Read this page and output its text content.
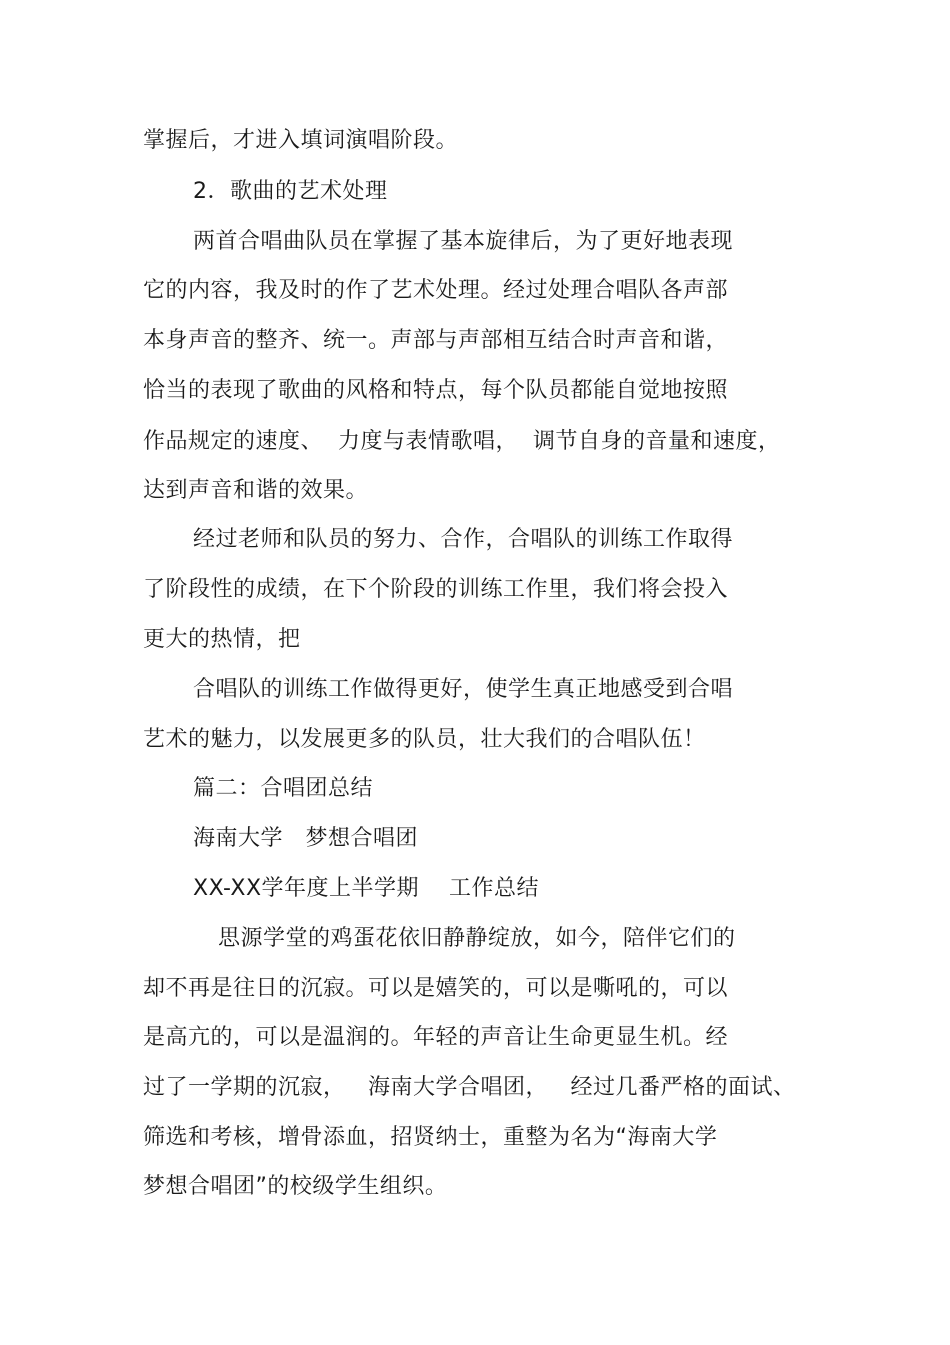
掌握后，才进入填词演唱阶段。
2．歌曲的艺术处理
两首合唱曲队员在掌握了基本旋律后，为了更好地表现
它的内容，我及时的作了艺术处理。经过处理合唱队各声部
本身声音的整齐、统一。声部与声部相互结合时声音和谐，
恰当的表现了歌曲的风格和特点，每个队员都能自觉地按照
作品规定的速度、  力度与表情歌唱，  调节自身的音量和速度，
达到声音和谐的效果。
经过老师和队员的努力、合作，合唱队的训练工作取得
了阶段性的成绩，在下个阶段的训练工作里，我们将会投入
更大的热情，把
合唱队的训练工作做得更好，使学生真正地感受到合唱
艺术的魅力，以发展更多的队员，壮大我们的合唱队伍！
篇二：合唱团总结
海南大学   梦想合唱团
XX-XX学年度上半学期    工作总结
思源学堂的鸡蛋花依旧静静绽放，如今，陪伴它们的
却不再是往日的沉寂。可以是嬉笑的，可以是嘶吼的，可以
是高亢的，可以是温润的。年轻的声音让生命更显生机。经
过了一学期的沉寂，   海南大学合唱团，   经过几番严格的面试、
筛选和考核，增骨添血，招贤纳士，重整为名为“海南大学
梦想合唱团”的校级学生组织。
